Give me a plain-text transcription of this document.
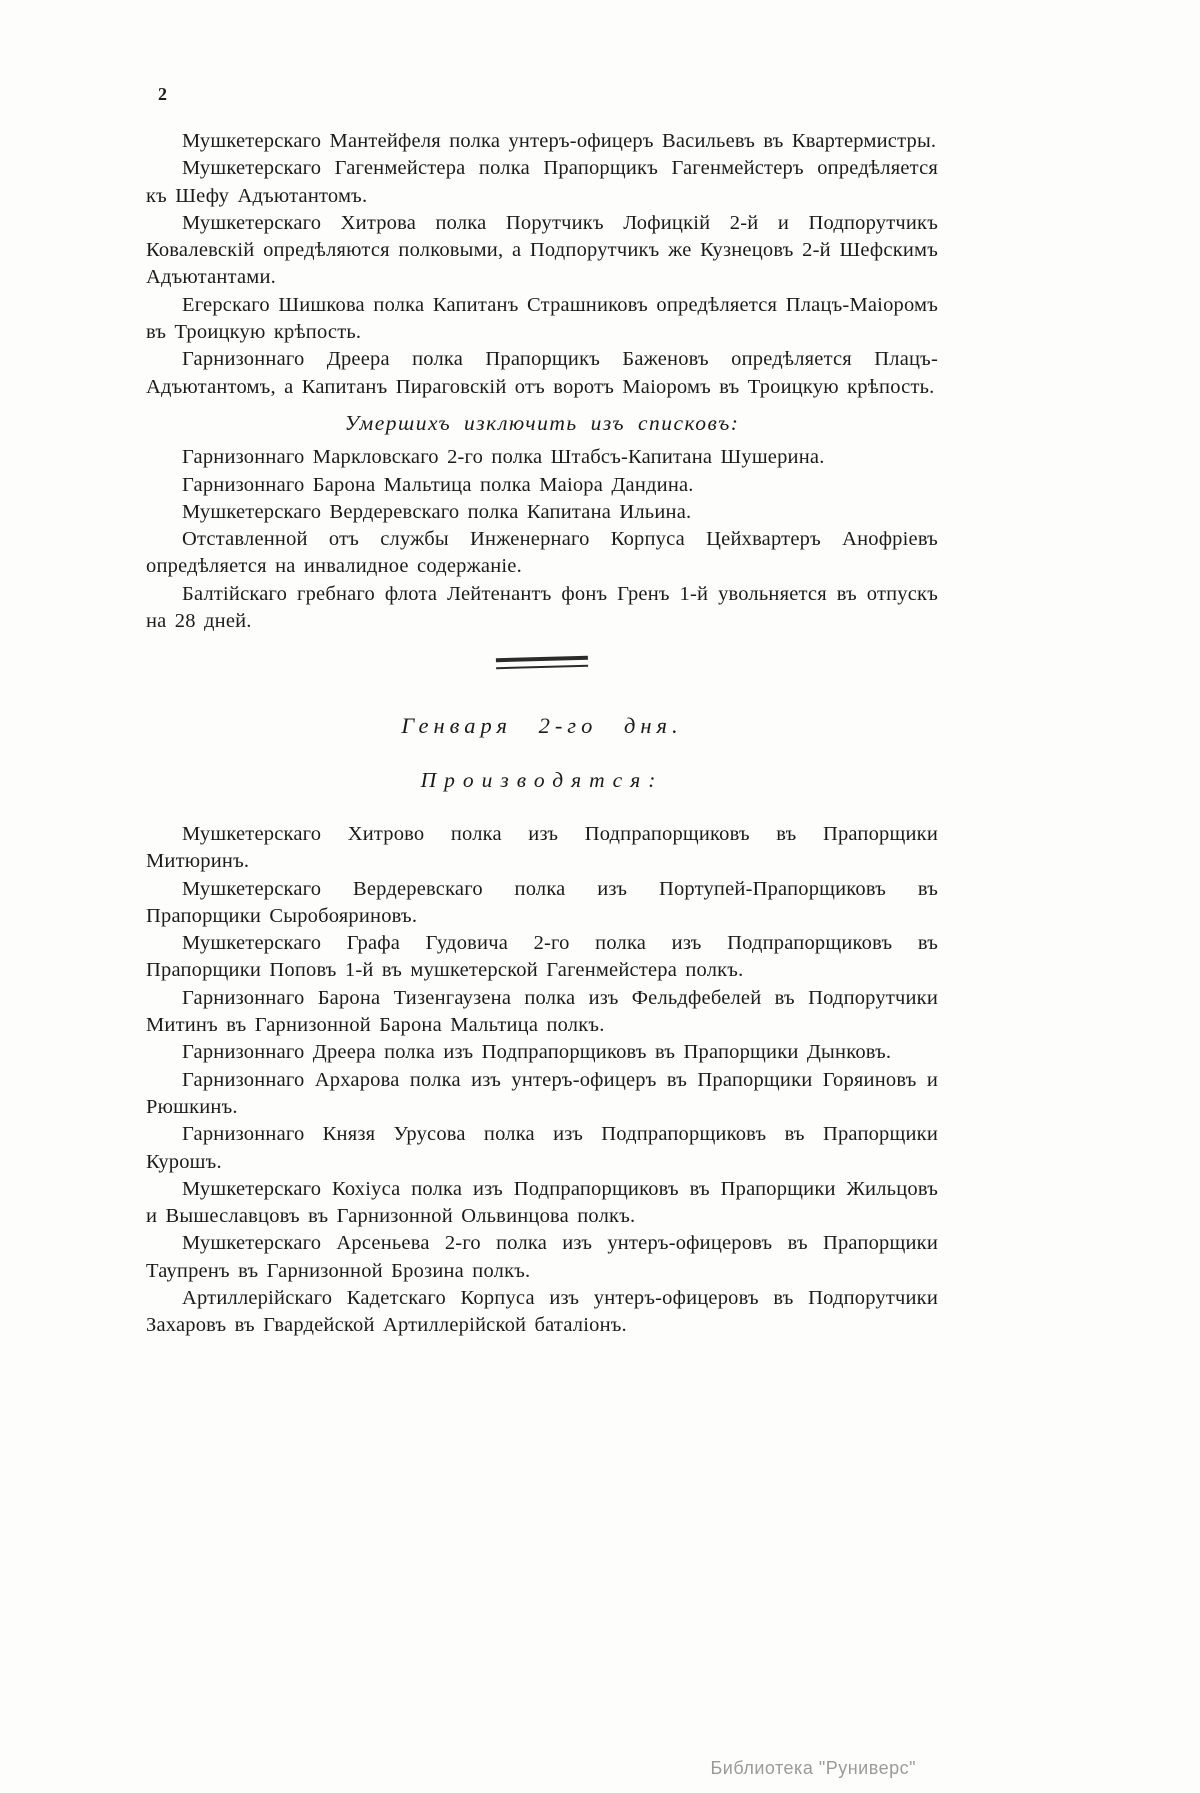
2

Мушкетерскаго Мантейфеля полка унтеръ-офицеръ Васильевъ въ Квартермистры.

Мушкетерскаго Гагенмейстера полка Прапорщикъ Гагенмейстеръ опредѣляется къ Шефу Адъютантомъ.

Мушкетерскаго Хитрова полка Порутчикъ Лофицкій 2-й и Подпорутчикъ Ковалевскій опредѣляются полковыми, а Подпорутчикъ же Кузнецовъ 2-й Шефскимъ Адъютантами.

Егерскаго Шишкова полка Капитанъ Страшниковъ опредѣляется Плацъ-Маіоромъ въ Троицкую крѣпость.

Гарнизоннаго Дреера полка Прапорщикъ Баженовъ опредѣляется Плацъ-Адъютантомъ, а Капитанъ Пираговскій отъ воротъ Маіоромъ въ Троицкую крѣпость.

Умершихъ изключить изъ списковъ:

Гарнизоннаго Маркловскаго 2-го полка Штабсъ-Капитана Шушерина.

Гарнизоннаго Барона Мальтица полка Маіора Дандина.

Мушкетерскаго Вердеревскаго полка Капитана Ильина.

Отставленной отъ службы Инженернаго Корпуса Цейхвартеръ Анофріевъ опредѣляется на инвалидное содержаніе.

Балтійскаго гребнаго флота Лейтенантъ фонъ Гренъ 1-й увольняется въ отпускъ на 28 дней.

Генваря 2-го дня.

Производятся:

Мушкетерскаго Хитрово полка изъ Подпрапорщиковъ въ Прапорщики Митюринъ.

Мушкетерскаго Вердеревскаго полка изъ Портупей-Прапорщиковъ въ Прапорщики Сыробояриновъ.

Мушкетерскаго Графа Гудовича 2-го полка изъ Подпрапорщиковъ въ Прапорщики Поповъ 1-й въ мушкетерской Гагенмейстера полкъ.

Гарнизоннаго Барона Тизенгаузена полка изъ Фельдфебелей въ Подпорутчики Митинъ въ Гарнизонной Барона Мальтица полкъ.

Гарнизоннаго Дреера полка изъ Подпрапорщиковъ въ Прапорщики Дынковъ.

Гарнизоннаго Архарова полка изъ унтеръ-офицеръ въ Прапорщики Горяиновъ и Рюшкинъ.

Гарнизоннаго Князя Урусова полка изъ Подпрапорщиковъ въ Прапорщики Курошъ.

Мушкетерскаго Кохіуса полка изъ Подпрапорщиковъ въ Прапорщики Жильцовъ и Вышеславцовъ въ Гарнизонной Ольвинцова полкъ.

Мушкетерскаго Арсеньева 2-го полка изъ унтеръ-офицеровъ въ Прапорщики Таупренъ въ Гарнизонной Брозина полкъ.

Артиллерійскаго Кадетскаго Корпуса изъ унтеръ-офицеровъ въ Подпорутчики Захаровъ въ Гвардейской Артиллерійской баталіонъ.

Библиотека "Руниверс"
